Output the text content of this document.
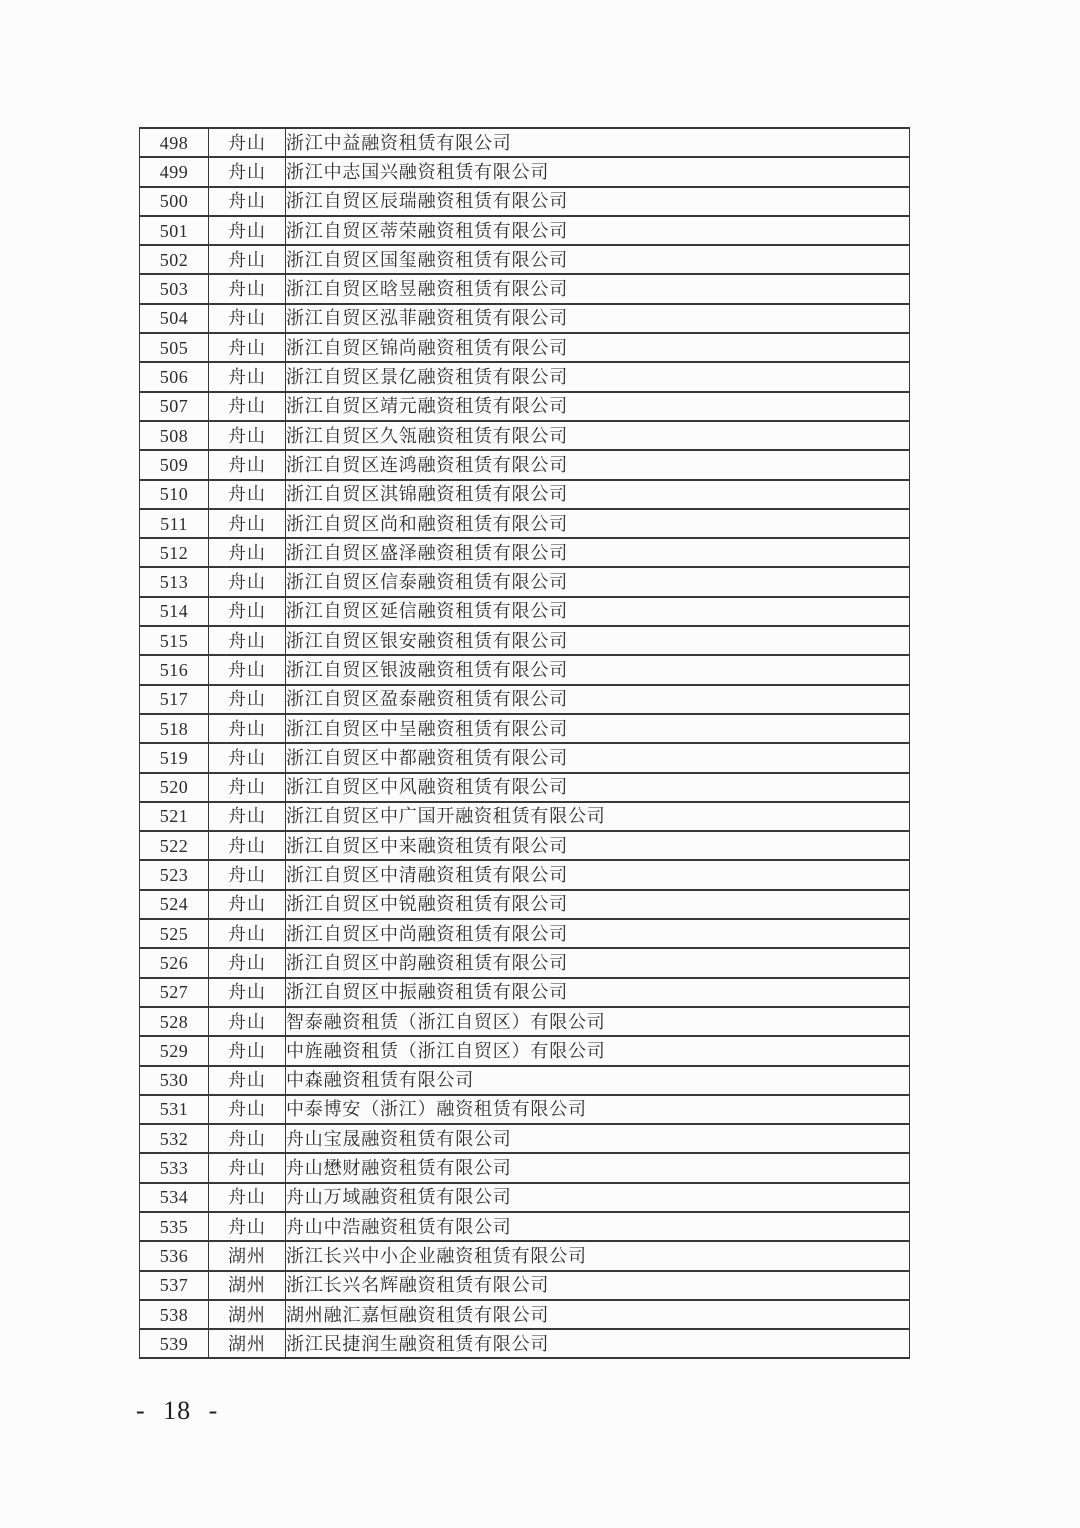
498	舟山	浙江中益融资租赁有限公司
499	舟山	浙江中志国兴融资租赁有限公司
500	舟山	浙江自贸区辰瑞融资租赁有限公司
501	舟山	浙江自贸区蒂荣融资租赁有限公司
502	舟山	浙江自贸区国玺融资租赁有限公司
503	舟山	浙江自贸区晗昱融资租赁有限公司
504	舟山	浙江自贸区泓菲融资租赁有限公司
505	舟山	浙江自贸区锦尚融资租赁有限公司
506	舟山	浙江自贸区景亿融资租赁有限公司
507	舟山	浙江自贸区靖元融资租赁有限公司
508	舟山	浙江自贸区久瓴融资租赁有限公司
509	舟山	浙江自贸区连鸿融资租赁有限公司
510	舟山	浙江自贸区淇锦融资租赁有限公司
511	舟山	浙江自贸区尚和融资租赁有限公司
512	舟山	浙江自贸区盛泽融资租赁有限公司
513	舟山	浙江自贸区信泰融资租赁有限公司
514	舟山	浙江自贸区延信融资租赁有限公司
515	舟山	浙江自贸区银安融资租赁有限公司
516	舟山	浙江自贸区银波融资租赁有限公司
517	舟山	浙江自贸区盈泰融资租赁有限公司
518	舟山	浙江自贸区中呈融资租赁有限公司
519	舟山	浙江自贸区中都融资租赁有限公司
520	舟山	浙江自贸区中风融资租赁有限公司
521	舟山	浙江自贸区中广国开融资租赁有限公司
522	舟山	浙江自贸区中来融资租赁有限公司
523	舟山	浙江自贸区中清融资租赁有限公司
524	舟山	浙江自贸区中锐融资租赁有限公司
525	舟山	浙江自贸区中尚融资租赁有限公司
526	舟山	浙江自贸区中韵融资租赁有限公司
527	舟山	浙江自贸区中振融资租赁有限公司
528	舟山	智泰融资租赁（浙江自贸区）有限公司
529	舟山	中旌融资租赁（浙江自贸区）有限公司
530	舟山	中森融资租赁有限公司
531	舟山	中泰博安（浙江）融资租赁有限公司
532	舟山	舟山宝晟融资租赁有限公司
533	舟山	舟山懋财融资租赁有限公司
534	舟山	舟山万域融资租赁有限公司
535	舟山	舟山中浩融资租赁有限公司
536	湖州	浙江长兴中小企业融资租赁有限公司
537	湖州	浙江长兴名辉融资租赁有限公司
538	湖州	湖州融汇嘉恒融资租赁有限公司
539	湖州	浙江民捷润生融资租赁有限公司
- 18 -
